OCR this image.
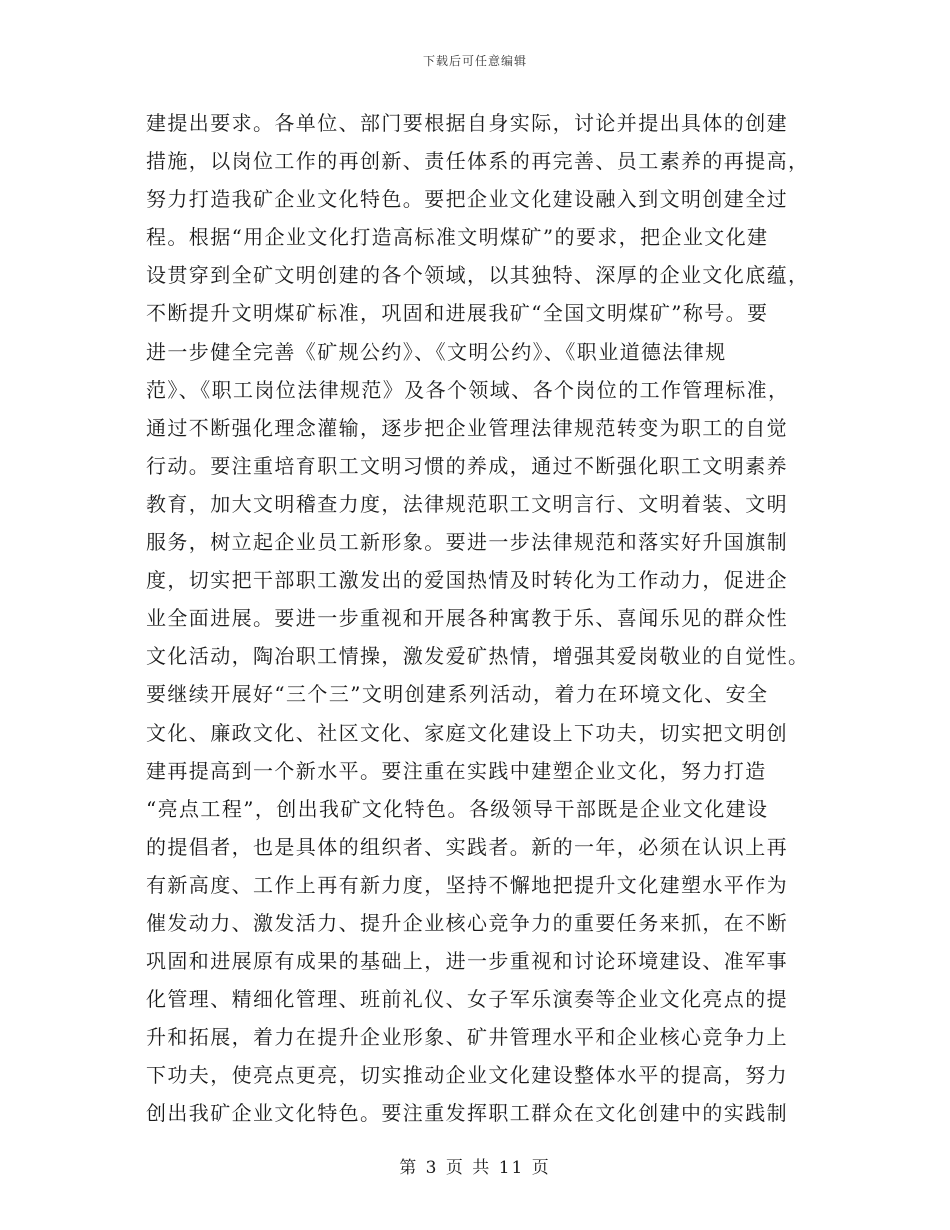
下载后可任意编辑
建提出要求。各单位、部门要根据自身实际，讨论并提出具体的创建
措施，以岗位工作的再创新、责任体系的再完善、员工素养的再提高，
努力打造我矿企业文化特色。要把企业文化建设融入到文明创建全过
程。根据“用企业文化打造高标准文明煤矿”的要求，把企业文化建
设贯穿到全矿文明创建的各个领域，以其独特、深厚的企业文化底蕴，
不断提升文明煤矿标准，巩固和进展我矿“全国文明煤矿”称号。要
进一步健全完善《矿规公约》、《文明公约》、《职业道德法律规
范》、《职工岗位法律规范》及各个领域、各个岗位的工作管理标准，
通过不断强化理念灌输，逐步把企业管理法律规范转变为职工的自觉
行动。要注重培育职工文明习惯的养成，通过不断强化职工文明素养
教育，加大文明稽查力度，法律规范职工文明言行、文明着装、文明
服务，树立起企业员工新形象。要进一步法律规范和落实好升国旗制
度，切实把干部职工激发出的爱国热情及时转化为工作动力，促进企
业全面进展。要进一步重视和开展各种寓教于乐、喜闻乐见的群众性
文化活动，陶冶职工情操，激发爱矿热情，增强其爱岗敬业的自觉性。
要继续开展好“三个三”文明创建系列活动，着力在环境文化、安全
文化、廉政文化、社区文化、家庭文化建设上下功夫，切实把文明创
建再提高到一个新水平。要注重在实践中建塑企业文化，努力打造
“亮点工程”，创出我矿文化特色。各级领导干部既是企业文化建设
的提倡者，也是具体的组织者、实践者。新的一年，必须在认识上再
有新高度、工作上再有新力度，坚持不懈地把提升文化建塑水平作为
催发动力、激发活力、提升企业核心竞争力的重要任务来抓，在不断
巩固和进展原有成果的基础上，进一步重视和讨论环境建设、准军事
化管理、精细化管理、班前礼仪、女子军乐演奏等企业文化亮点的提
升和拓展，着力在提升企业形象、矿井管理水平和企业核心竞争力上
下功夫，使亮点更亮，切实推动企业文化建设整体水平的提高，努力
创出我矿企业文化特色。要注重发挥职工群众在文化创建中的实践制
第 3 页 共 11 页
